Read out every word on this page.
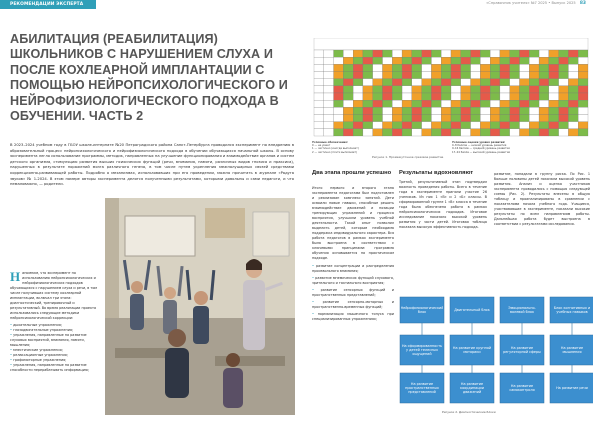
РЕКОМЕНДАЦИИ ЭКСПЕРТА	«Справочник учителя» №7 2025 • Выпуск 2025 83
АБИЛИТАЦИЯ (РЕАБИЛИТАЦИЯ) ШКОЛЬНИКОВ С НАРУШЕНИЕМ СЛУХА И ПОСЛЕ КОХЛЕАРНОЙ ИМПЛАНТАЦИИ С ПОМОЩЬЮ НЕЙРОПСИХОЛОГИЧЕСКОГО И НЕЙРОФИЗИОЛОГИЧЕСКОГО ПОДХОДА В ОБУЧЕНИИ. ЧАСТЬ 2
В 2023–2024 учебном году в ГБОУ школе-интернате №20 Петроградского района Санкт-Петербурга проводился эксперимент по внедрению в образовательный процесс нейропсихологического и нейрофизиологического подхода в обучении обучающихся начальной школы. В основу эксперимента легло использование программы, методик, направленных на улучшение функционирования и взаимодействие органов и систем детского организма, стимуляцию развития высших психических функций (речи, внимания, памяти, различных видов гнозиса и праксиса), нарушенных в результате поражений мозга различного генеза, в том числе путем укрепления межполушарных связей средствами коррекционно-развивающей работы. Подробно о механизмах, использовавших при его проведении, можно прочитать в журнале «Радуга звуков» № 1-2024. В этом номере авторы эксперимента делятся полученными результатами, которыми довольны и сами педагоги, и что немаловажно, — родители.
Н апомним, что эксперимент по использованию нейропсихологических и нейрофизиологических подходов обучающихся с нарушением слуха и речи, в том числе получивших систему кохлеарной имплантации, включал три этапа: диагностический, тренировочный и результативный. Во время реализации проекта использовались следующие методики нейропсихологической коррекции:
• дыхательные упражнения;
• глазодвигательные упражнения;
• упражнения, направленные на развитие слуховых восприятий, внимания, памяти, мышления;
• мнестические упражнения;
• релаксационные упражнения;
• графомоторные упражнения;
• упражнения, направленные на развитие способности перерабатывать информацию;
Условные обозначения:
0 — не умеет
1 — частично (иногда выполняет)
2 — частично (почти выполняет)
Условные оценки уровня развития:
0–8 баллов — низкий уровень развития
9–16 баллов — средний уровень развития
17–24 балла — высокий уровень развития
Рисунок 1. Промежуточное срезовое развитие
Два этапа прошли успешно

Итого первого и второго этапа эксперимента педагогами был подготовлен и реализован комплекс занятий. Дети освоили новые навыки, способные решать взаимодействие движений и позиции тренирующих упражнений и процесса восприятия, улучшили уровень учебной деятельности. Такой опыт позволил выделить детей, которым необходима поддержка индивидуального характера. Вся работа педагогов в рамках эксперимента была выстроена в соответствии с ключевыми принципами: программа обучения основывается на практическом подходе.

• развитие концентрации и распределения произвольного внимания;
• развитие мнемических функций слухового, зрительного и тактильного восприятия;
• развитие сенсорных функций и пространственных представлений;
• развитие сенсорно-моторных и пространственно-временных функций;
• нормализация мышечного тонуса при специализированных упражнениях;
Результаты вдохновляют

Третий, результативный этап подтвердил важность проведения работы. Всего в течение года в эксперименте приняли участие 26 учеников. Из них 1 «В» и 2 «Б» классы. В сформированной группе 1 «В» класса в течение года была обеспечена работа в рамках нейропсихологических подходов. Итоговое исследование показало высокий уровень развития у части детей. Итоговая таблица показала высокую эффективность подхода.

развитие, попадали в группу риска. По Рис. 1 больше половины детей показали высокий уровень развития. Анализ и оценка участников эксперимента проводились с помощью следующей схемы (Рис. 2). Результаты внесены в общую таблицу и проанализированы в сравнении с показателями начала учебного года. Учащиеся, участвовавшие в эксперименте, показали высокие результаты по всем направлениям работы. Дальнейшая работа будет выстроена в соответствии с результатами исследования.

Нейрофизиологический блок	Двигательный блок	Эмоционально-волевой блок
Блок когнитивных и учебных навыков
На сформированность у детей телесных ощущений
На развитие крупной моторики
На развитие регуляторной сферы
На развитие мышления
На развитие пространственных представлений
На развитие координации движений
На развитие самоконтроля	На развитие речи
Рисунок 2. Диагностические блоки
